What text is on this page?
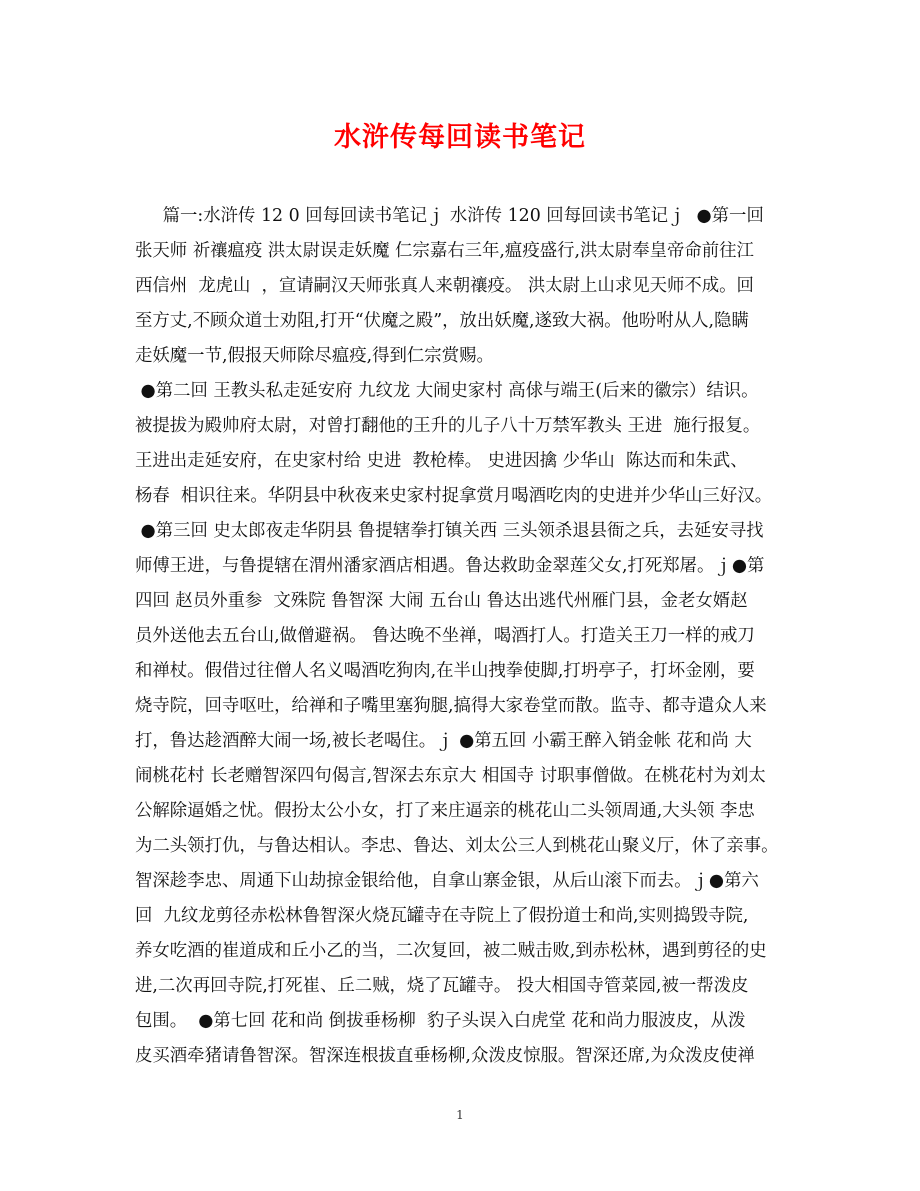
水浒传每回读书笔记
篇一:水浒传 12 0 回每回读书笔记ｊ 水浒传 120 回每回读书笔记ｊ  ●第一回
张天师 祈禳瘟疫 洪太尉误走妖魔 仁宗嘉右三年,瘟疫盛行,洪太尉奉皇帝命前往江
西信州  龙虎山  ，宣请嗣汉天师张真人来朝禳疫。 洪太尉上山求见天师不成。回
至方丈,不顾众道士劝阻,打开“伏魔之殿”，放出妖魔,遂致大祸。他吩咐从人,隐瞒
走妖魔一节,假报天师除尽瘟疫,得到仁宗赏赐。
●第二回 王教头私走延安府 九纹龙 大闹史家村 高俅与端王(后来的徽宗）结识。
被提拔为殿帅府太尉，对曾打翻他的王升的儿子八十万禁军教头 王进  施行报复。
王进出走延安府，在史家村给 史进  教枪棒。 史进因擒 少华山  陈达而和朱武、
杨春  相识往来。华阴县中秋夜来史家村捉拿赏月喝酒吃肉的史进并少华山三好汉。
●第三回 史太郎夜走华阴县 鲁提辖拳打镇关西 三头领杀退县衙之兵，去延安寻找
师傅王进，与鲁提辖在渭州潘家酒店相遇。鲁达救助金翠莲父女,打死郑屠。ｊ●第
四回 赵员外重参  文殊院 鲁智深 大闹 五台山 鲁达出逃代州雁门县，金老女婿赵
员外送他去五台山,做僧避祸。 鲁达晚不坐禅，喝酒打人。打造关王刀一样的戒刀
和禅杖。假借过往僧人名义喝酒吃狗肉,在半山拽拳使脚,打坍亭子，打坏金刚，要
烧寺院，回寺呕吐，给禅和子嘴里塞狗腿,搞得大家卷堂而散。监寺、都寺遣众人来
打，鲁达趁酒醉大闹一场,被长老喝住。ｊ ●第五回 小霸王醉入销金帐 花和尚 大
闹桃花村 长老赠智深四句偈言,智深去东京大 相国寺 讨职事僧做。在桃花村为刘太
公解除逼婚之忧。假扮太公小女，打了来庄逼亲的桃花山二头领周通,大头领 李忠
为二头领打仇，与鲁达相认。李忠、鲁达、刘太公三人到桃花山聚义厅，休了亲事。
智深趁李忠、周通下山劫掠金银给他，自拿山寨金银，从后山滚下而去。ｊ●第六
回  九纹龙剪径赤松林鲁智深火烧瓦罐寺在寺院上了假扮道士和尚,实则捣毁寺院,
养女吃酒的崔道成和丘小乙的当，二次复回，被二贼击败,到赤松林，遇到剪径的史
进,二次再回寺院,打死崔、丘二贼，烧了瓦罐寺。 投大相国寺管菜园,被一帮泼皮
包围。  ●第七回 花和尚 倒拔垂杨柳  豹子头误入白虎堂 花和尚力服波皮，从泼
皮买酒牵猪请鲁智深。智深连根拔直垂杨柳,众泼皮惊服。智深还席,为众泼皮使禅
1
